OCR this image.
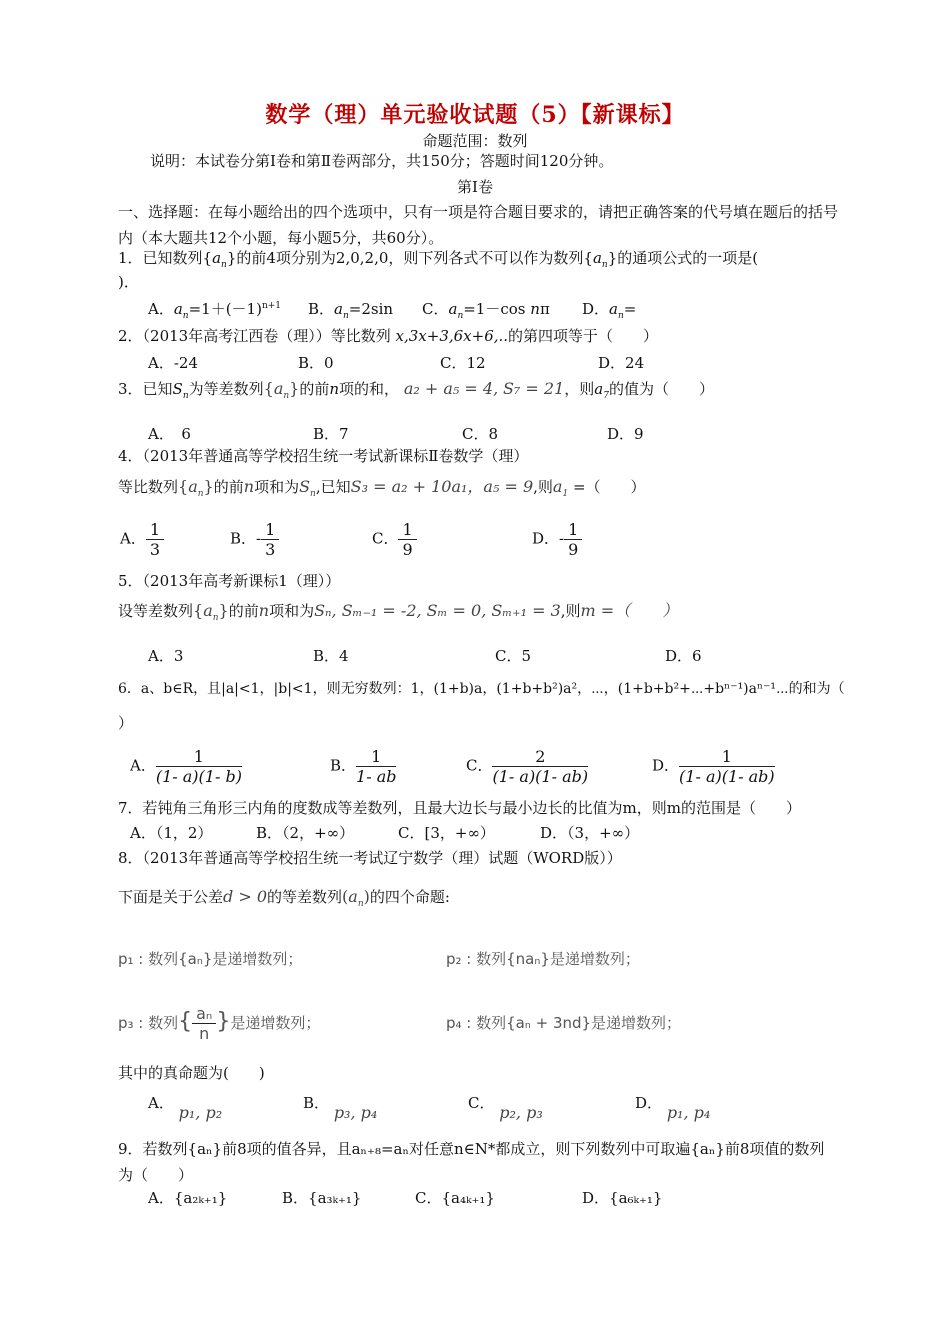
数学（理）单元验收试题（5）【新课标】
命题范围：数列
说明：本试卷分第Ⅰ卷和第Ⅱ卷两部分，共150分；答题时间120分钟。
第Ⅰ卷
一、选择题：在每小题给出的四个选项中，只有一项是符合题目要求的，请把正确答案的代号填在题后的括号内（本大题共12个小题，每小题5分，共60分）。
1．已知数列$\{a_n\}$的前4项分别为2,0,2,0，则下列各式不可以作为数列$\{a_n\}$的通项公式的一项是(
)．
A．$a_n=1+(-1)^{n+1}$ B．$a_n=2\sin$ C．$a_n=1-\cos$ nπ D．$a_n=$
2．（2013年高考江西卷（理））等比数列 x,3x+3,6x+6,..的第四项等于（　　）
A．-24	B．0	C．12	D．24
3．已知$S_n$为等差数列$\{a_n\}$的前n项的和， a₂ + a₅ = 4, S₇ = 21，则$a_7$的值为（　　）
A．　6	B．7	C．8	D．9
4．（2013年普通高等学校招生统一考试新课标Ⅱ卷数学（理）
等比数列$\{a_n\}$的前n项和为$S_n$,已知S₃ = a₂ + 10a₁，a₅ = 9,则$a_1$ =（　　）
A． $\frac{1}{3}$	B．- $\frac{1}{3}$	C． $\frac{1}{9}$	D．- $\frac{1}{9}$
5．（2013年高考新课标1（理））
设等差数列$\{a_n\}$的前n项和为Sₙ, Sₘ₋₁ = -2, Sₘ = 0, Sₘ₊₁ = 3,则m =（　　）
A．3	B．4	C．5	D．6
6．a、b∈R，且|a|<1，|b|<1，则无穷数列：1，(1+b)a，(1+b+b²)a²，⋯，(1+b+b²+⋯+bⁿ⁻¹)aⁿ⁻¹⋯的和为（
）
A． $\frac{1}{(1- a)(1- b)}$	B． $\frac{1}{1- ab}$	C． $\frac{2}{(1- a)(1- ab)}$	D． $\frac{1}{(1- a)(1- ab)}$
7．若钝角三角形三内角的度数成等差数列，且最大边长与最小边长的比值为m，则m的范围是（　　）
A．（1，2）	B．（2，+∞）	C．[3，+∞）	D．（3，+∞）
8．（2013年普通高等学校招生统一考试辽宁数学（理）试题（WORD版））
下面是关于公差d > 0的等差数列$(a_n)$的四个命题:
p₁ : 数列{aₙ}是递增数列；	p₂ : 数列{naₙ}是递增数列；
p₃ : 数列{ $\frac{\text{aₙ}}{n}$ }是递增数列；	p₄ : 数列{aₙ + 3nd}是递增数列；
其中的真命题为(　　)
A． p₁, p₂	B． p₃, p₄	C． p₂, p₃	D． p₁, p₄
9．若数列{aₙ}前8项的值各异，且aₙ₊₈=aₙ对任意n∈N*都成立，则下列数列中可取遍{aₙ}前8项值的数列为（　　）
A．{a₂ₖ₊₁}	B．{a₃ₖ₊₁}	C．{a₄ₖ₊₁}	D．{a₆ₖ₊₁}
